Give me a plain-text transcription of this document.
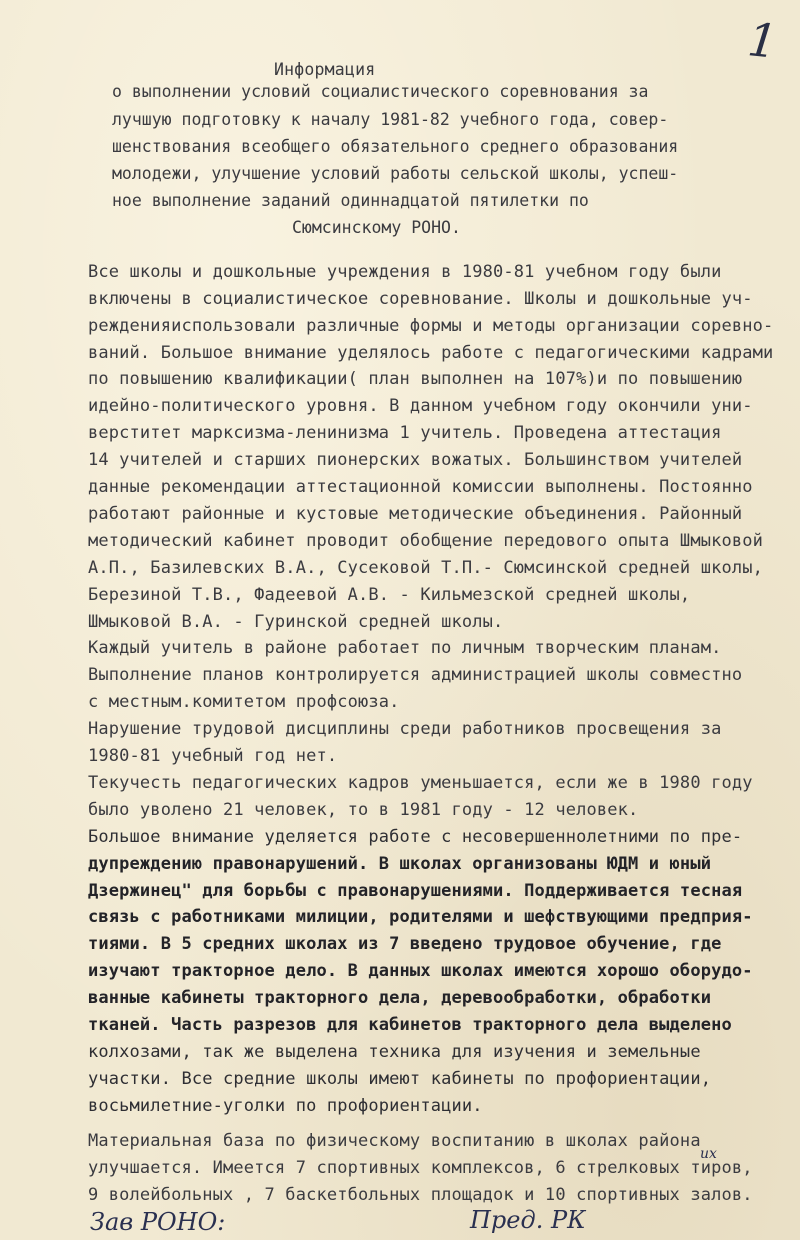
1
Информация
о выполнении условий социалистического соревнования за
лучшую подготовку к началу 1981-82 учебного года, совер-
шенствования всеобщего обязательного среднего образования
молодежи, улучшение условий работы сельской школы, успеш-
ное выполнение заданий одиннадцатой пятилетки по
Сюмсинскому РОНО.
Все школы и дошкольные учреждения в 1980-81 учебном году были
включены в социалистическое соревнование. Школы и дошкольные уч-
режденияиспользовали различные формы и методы организации соревно-
ваний. Большое внимание уделялось работе с педагогическими кадрами
по повышению квалификации( план выполнен на 107%)и по повышению
идейно-политического уровня. В данном учебном году окончили уни-
верститет марксизма-ленинизма 1 учитель. Проведена аттестация
14 учителей и старших пионерских вожатых. Большинством учителей
данные рекомендации аттестационной комиссии выполнены. Постоянно
работают районные и кустовые методические объединения. Районный
методический кабинет проводит обобщение передового опыта Шмыковой
А.П., Базилевских В.А., Сусековой Т.П.- Сюмсинской средней школы,
Березиной Т.В., Фадеевой А.В. - Кильмезской средней школы,
Шмыковой В.А. - Гуринской средней школы.
Каждый учитель в районе работает по личным творческим планам.
Выполнение планов контролируется администрацией школы совместно
с местным.комитетом профсоюза.
Нарушение трудовой дисциплины среди работников просвещения за
1980-81 учебный год нет.
Текучесть педагогических кадров уменьшается, если же в 1980 году
было уволено 21 человек, то в 1981 году - 12 человек.
Большое внимание уделяется работе с несовершеннолетними по пре-
дупреждению правонарушений. В школах организованы ЮДМ и юный
Дзержинец" для борьбы с правонарушениями. Поддерживается тесная
связь с работниками милиции, родителями и шефствующими предприя-
тиями. В 5 средних школах из 7 введено трудовое обучение, где
изучают тракторное дело. В данных школах имеются хорошо оборудо-
ванные кабинеты тракторного дела, деревообработки, обработки
тканей. Часть разрезов для кабинетов тракторного дела выделено
колхозами, так же выделена техника для изучения и земельные
участки. Все средние школы имеют кабинеты по профориентации,
восьмилетние-уголки по профориентации.
Материальная база по физическому воспитанию в школах района
улучшается. Имеется 7 спортивных комплексов, 6 стрелковых тиров,
9 волейбольных , 7 баскетбольных площадок и 10 спортивных залов.
их
Зав РОНО:	Пред. РК
